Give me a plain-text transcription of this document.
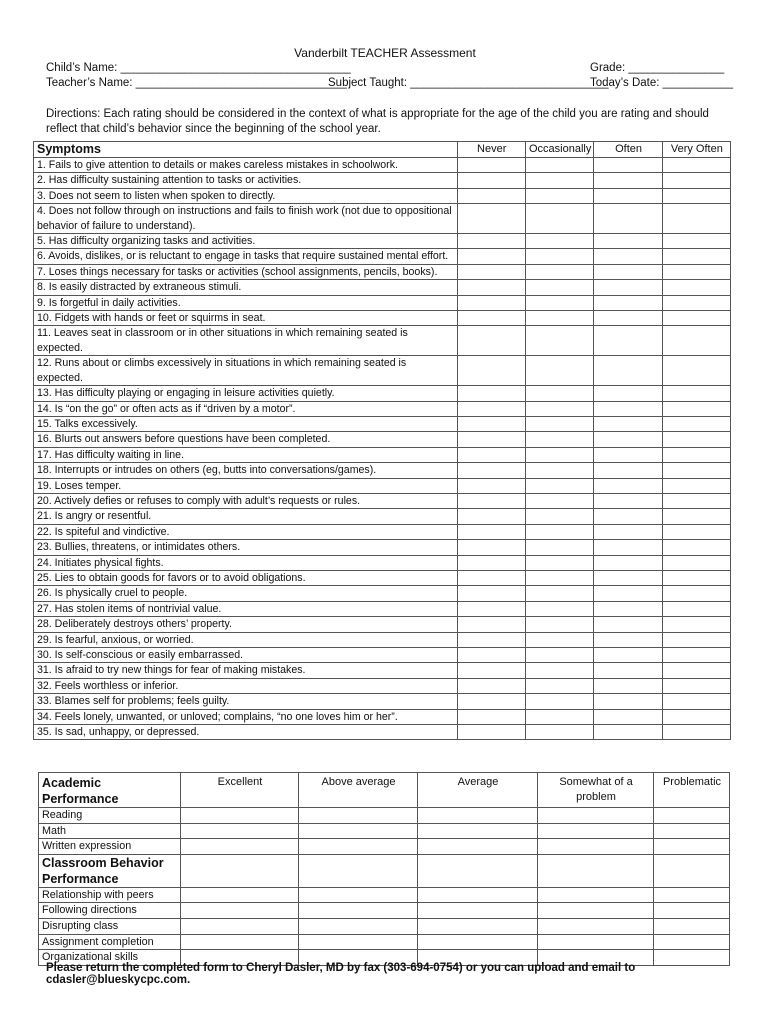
Vanderbilt TEACHER Assessment
Child’s Name: ____________________________________	Grade: _______________
Teacher’s Name: _________________________________
Subject Taught: _______________________________
Today’s Date: ___________
Directions: Each rating should be considered in the context of what is appropriate for the age of the child you are rating and should reflect that child’s behavior since the beginning of the school year.
Symptoms	Never	Occasionally	Often	Very Often
1. Fails to give attention to details or makes careless mistakes in schoolwork.				
2. Has difficulty sustaining attention to tasks or activities.				
3. Does not seem to listen when spoken to directly.				
4. Does not follow through on instructions and fails to finish work (not due to oppositional behavior of failure to understand).				
5. Has difficulty organizing tasks and activities.				
6. Avoids, dislikes, or is reluctant to engage in tasks that require sustained mental effort.				
7. Loses things necessary for tasks or activities (school assignments, pencils, books).				
8. Is easily distracted by extraneous stimuli.				
9. Is forgetful in daily activities.				
10. Fidgets with hands or feet or squirms in seat.				
11. Leaves seat in classroom or in other situations in which remaining seated is expected.				
12. Runs about or climbs excessively in situations in which remaining seated is expected.				
13. Has difficulty playing or engaging in leisure activities quietly.				
14. Is “on the go” or often acts as if “driven by a motor”.				
15. Talks excessively.				
16. Blurts out answers before questions have been completed.				
17. Has difficulty waiting in line.				
18. Interrupts or intrudes on others (eg, butts into conversations/games).				
19. Loses temper.				
20. Actively defies or refuses to comply with adult’s requests or rules.				
21. Is angry or resentful.				
22. Is spiteful and vindictive.				
23. Bullies, threatens, or intimidates others.				
24. Initiates physical fights.				
25. Lies to obtain goods for favors or to avoid obligations.				
26. Is physically cruel to people.				
27. Has stolen items of nontrivial value.				
28. Deliberately destroys others’ property.				
29. Is fearful, anxious, or worried.				
30. Is self-conscious or easily embarrassed.				
31. Is afraid to try new things for fear of making mistakes.				
32. Feels worthless or inferior.				
33. Blames self for problems; feels guilty.				
34. Feels lonely, unwanted, or unloved; complains, “no one loves him or her”.				
35. Is sad, unhappy, or depressed.				
Academic Performance	Excellent	Above average	Average	Somewhat of a problem	Problematic
Reading					
Math					
Written expression					
Classroom Behavior Performance					
Relationship with peers					
Following directions					
Disrupting class					
Assignment completion					
Organizational skills					
Please return the completed form to Cheryl Dasler, MD by fax (303-694-0754) or you can upload and email to cdasler@blueskycpc.com.
